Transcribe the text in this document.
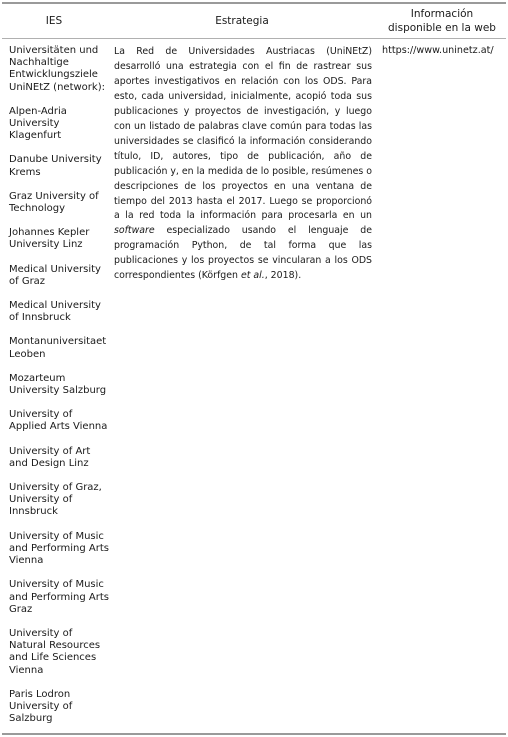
IES	Estrategia
Información
disponible en la web
Universitäten und Nachhaltige Entwicklungsziele UniNEtZ (network):
Alpen-Adria University Klagenfurt
Danube University Krems
Graz University of Technology
Johannes Kepler University Linz
Medical University of Graz
Medical University of Innsbruck
Montanuniversitaet Leoben
Mozarteum University Salzburg
University of Applied Arts Vienna
University of Art and Design Linz
University of Graz, University of Innsbruck
University of Music and Performing Arts Vienna
University of Music and Performing Arts Graz
University of Natural Resources and Life Sciences Vienna
Paris Lodron University of Salzburg
La Red de Universidades Austriacas (UniNEtZ) desarrolló una estrategia con el fin de rastrear sus aportes investigativos en relación con los ODS. Para esto, cada universidad, inicialmente, acopió toda sus publicaciones y proyectos de investigación, y luego con un listado de palabras clave común para todas las universidades se clasificó la información considerando título, ID, autores, tipo de publicación, año de publicación y, en la medida de lo posible, resúmenes o descripciones de los proyectos en una ventana de tiempo del 2013 hasta el 2017. Luego se proporcionó a la red toda la información para procesarla en un software especializado usando el lenguaje de programación Python, de tal forma que las publicaciones y los proyectos se vincularan a los ODS correspondientes (Körfgen et al., 2018).
https://www.uninetz.at/
